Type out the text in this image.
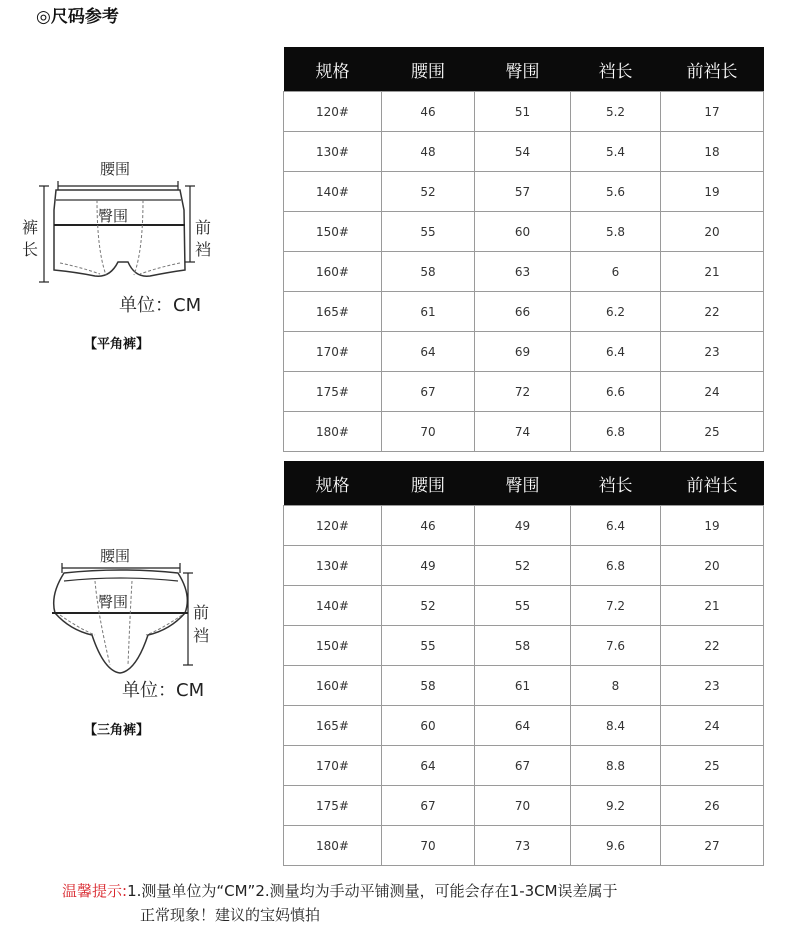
◎尺码参考
腰围
臀围
裤
长
前
裆
单位：CM
【平角裤】
腰围
臀围
前
裆
单位：CM
【三角裤】
规格	腰围	臀围	裆长	前裆长
120#	46	51	5.2	17
130#	48	54	5.4	18
140#	52	57	5.6	19
150#	55	60	5.8	20
160#	58	63	6	21
165#	61	66	6.2	22
170#	64	69	6.4	23
175#	67	72	6.6	24
180#	70	74	6.8	25
规格	腰围	臀围	裆长	前裆长
120#	46	49	6.4	19
130#	49	52	6.8	20
140#	52	55	7.2	21
150#	55	58	7.6	22
160#	58	61	8	23
165#	60	64	8.4	24
170#	64	67	8.8	25
175#	67	70	9.2	26
180#	70	73	9.6	27
温馨提示:1.测量单位为“CM”2.测量均为手动平铺测量，可能会存在1-3CM误差属于
正常现象！建议的宝妈慎拍
